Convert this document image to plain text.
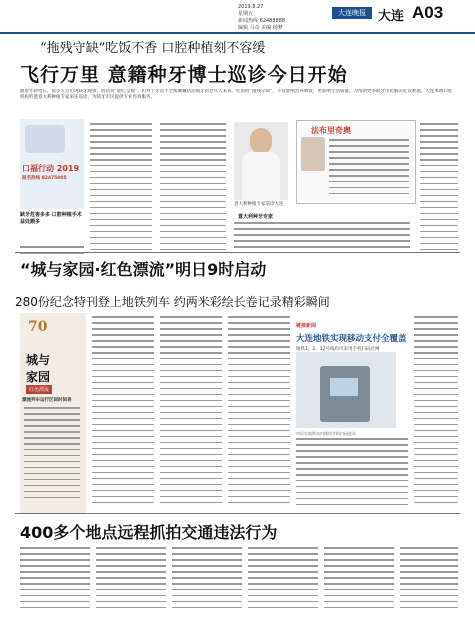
2019.8.27
星期五
新闻热线 62488888
编辑 马奇 美编 杨梦
大连晚报 大连 A03
“拖残守缺”吃饭不香 口腔种植刻不容缓
飞行万里 意籍种牙博士巡诊今日开始
随着年龄增长，很多人会出现缺牙现象，俗话说“能吃是福”，但对于牙齿不全或佩戴活动假牙的老年人来说，吃饭时“拖残守缺”，不仅影响营养吸收，更影响生活质量。为帮助更多缺牙市民解决吃饭难题，大连本地口腔机构特邀意大利种植专家来连巡诊，为缺牙市民提供专业咨询服务。
口福行动 2019
报名热线 82475005
缺牙危害多多 口腔种植手术益处颇多
意大利种植专家巡诊大连
意大利种牙专家
法布里奇奥
“城与家园·红色漂流”明日9时启动
280份纪念特刊登上地铁列车 约两米彩绘长卷记录精彩瞬间
70
城与
家园
红色漂流
漂流列车运行区间时间表
链接新闻
大连地铁实现移动支付全覆盖
地铁1、2、12号线均可采用手机扫码过闸
市民在地铁站内使用手机扫码进站
400多个地点远程抓拍交通违法行为
